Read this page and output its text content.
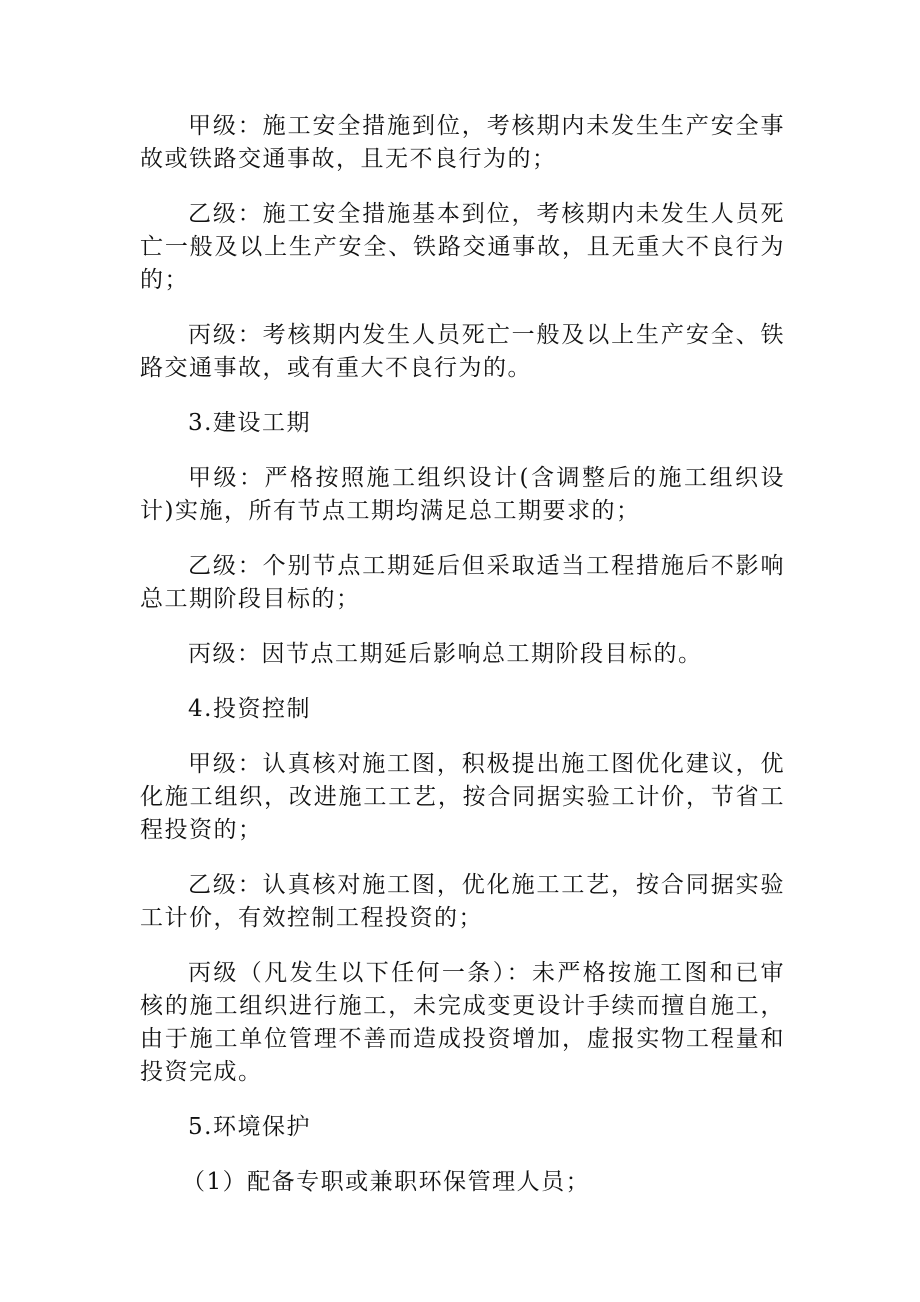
甲级：施工安全措施到位，考核期内未发生生产安全事故或铁路交通事故，且无不良行为的；

乙级：施工安全措施基本到位，考核期内未发生人员死亡一般及以上生产安全、铁路交通事故，且无重大不良行为的；

丙级：考核期内发生人员死亡一般及以上生产安全、铁路交通事故，或有重大不良行为的。

3.建设工期

甲级：严格按照施工组织设计(含调整后的施工组织设计)实施，所有节点工期均满足总工期要求的；

乙级：个别节点工期延后但采取适当工程措施后不影响总工期阶段目标的；

丙级：因节点工期延后影响总工期阶段目标的。

4.投资控制

甲级：认真核对施工图，积极提出施工图优化建议，优化施工组织，改进施工工艺，按合同据实验工计价，节省工程投资的；

乙级：认真核对施工图，优化施工工艺，按合同据实验工计价，有效控制工程投资的；

丙级（凡发生以下任何一条）：未严格按施工图和已审核的施工组织进行施工，未完成变更设计手续而擅自施工，由于施工单位管理不善而造成投资增加，虚报实物工程量和投资完成。

5.环境保护

（1）配备专职或兼职环保管理人员；
